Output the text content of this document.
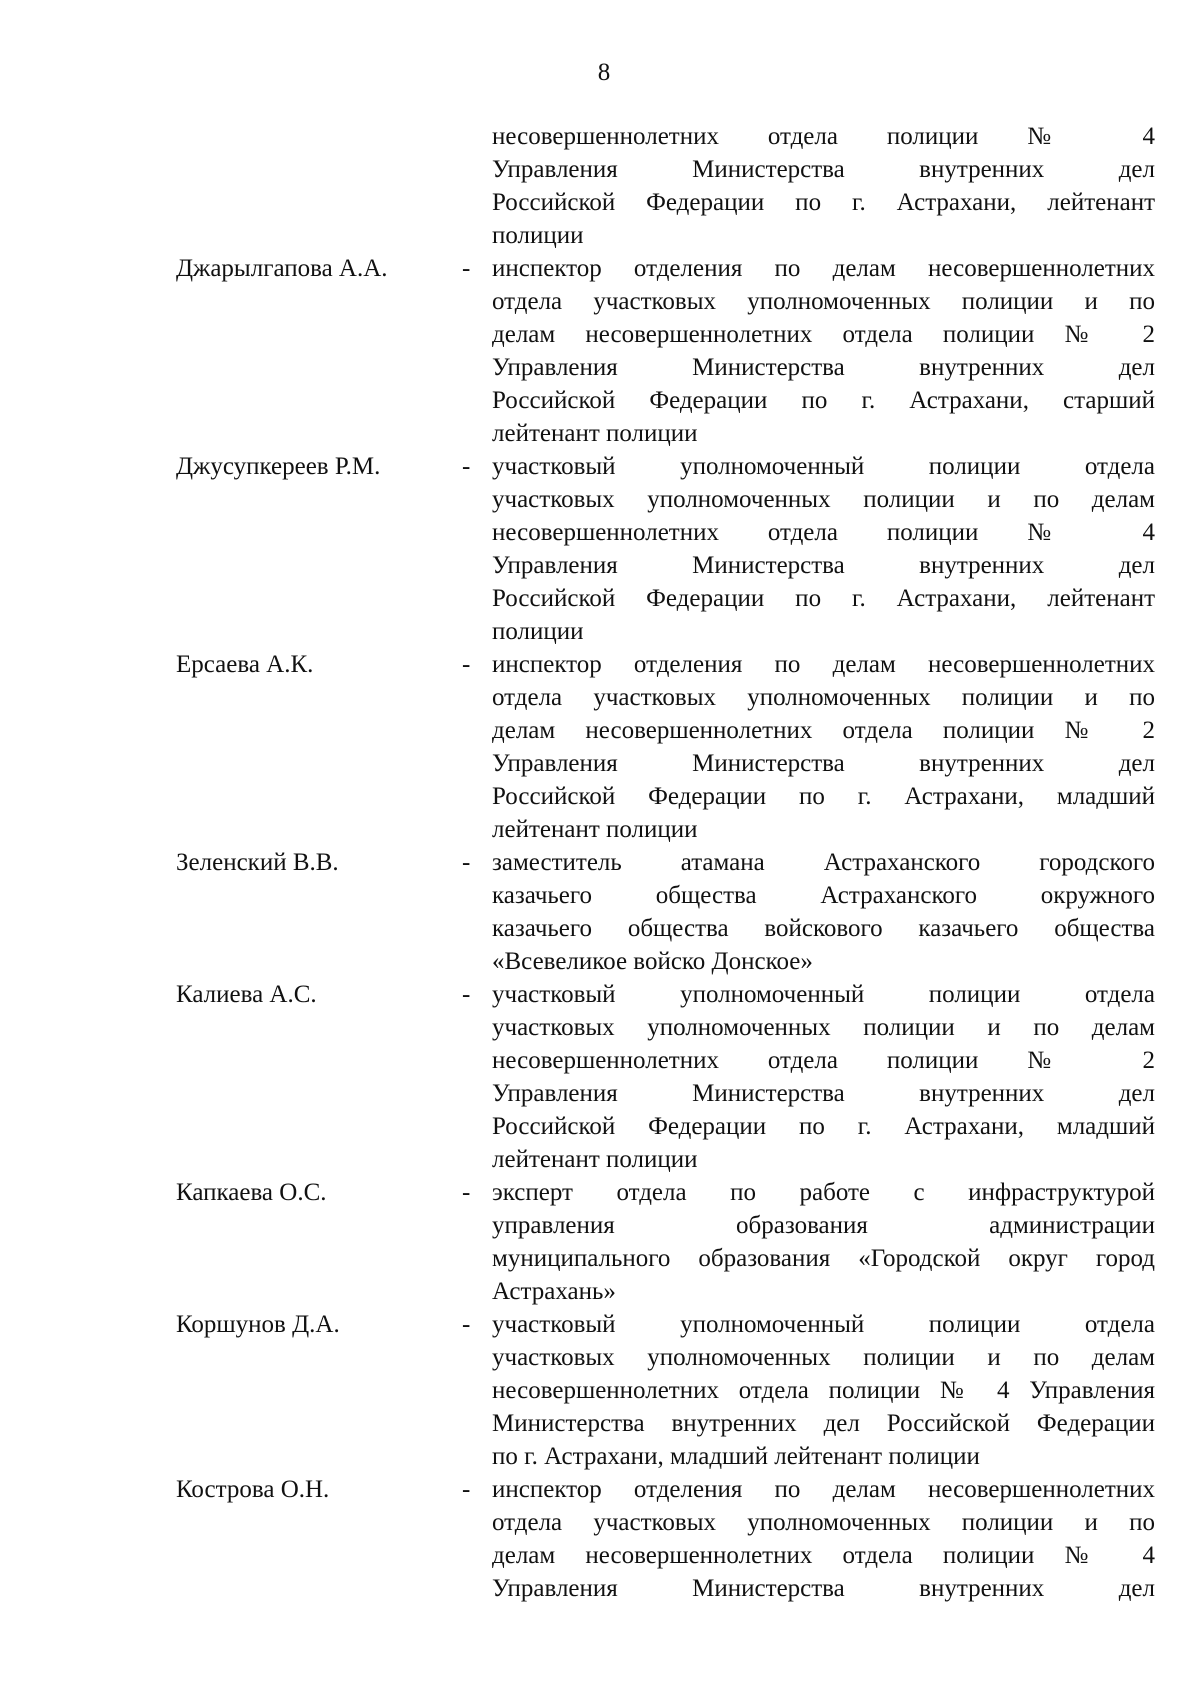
8
несовершеннолетних отдела полиции № 4
Управления Министерства внутренних дел
Российской Федерации по г. Астрахани, лейтенант
полиции
Джарылгапова А.А.	- инспектор отделения по делам несовершеннолетних
отдела участковых уполномоченных полиции и по
делам несовершеннолетних отдела полиции № 2
Управления Министерства внутренних дел
Российской Федерации по г. Астрахани, старший
лейтенант полиции
Джусупкереев Р.М.	- участковый уполномоченный полиции отдела
участковых уполномоченных полиции и по делам
несовершеннолетних отдела полиции № 4
Управления Министерства внутренних дел
Российской Федерации по г. Астрахани, лейтенант
полиции
Ерсаева А.К.	- инспектор отделения по делам несовершеннолетних
отдела участковых уполномоченных полиции и по
делам несовершеннолетних отдела полиции № 2
Управления Министерства внутренних дел
Российской Федерации по г. Астрахани, младший
лейтенант полиции
Зеленский В.В.	- заместитель атамана Астраханского городского
казачьего общества Астраханского окружного
казачьего общества войскового казачьего общества
«Всевеликое войско Донское»
Калиева А.С.	- участковый уполномоченный полиции отдела
участковых уполномоченных полиции и по делам
несовершеннолетних отдела полиции № 2
Управления Министерства внутренних дел
Российской Федерации по г. Астрахани, младший
лейтенант полиции
Капкаева О.С.	- эксперт отдела по работе с инфраструктурой
управления образования администрации
муниципального образования «Городской округ город
Астрахань»
Коршунов Д.А.	- участковый уполномоченный полиции отдела
участковых уполномоченных полиции и по делам
несовершеннолетних отдела полиции № 4 Управления
Министерства внутренних дел Российской Федерации
по г. Астрахани, младший лейтенант полиции
Кострова О.Н.	- инспектор отделения по делам несовершеннолетних
отдела участковых уполномоченных полиции и по
делам несовершеннолетних отдела полиции № 4
Управления Министерства внутренних дел
